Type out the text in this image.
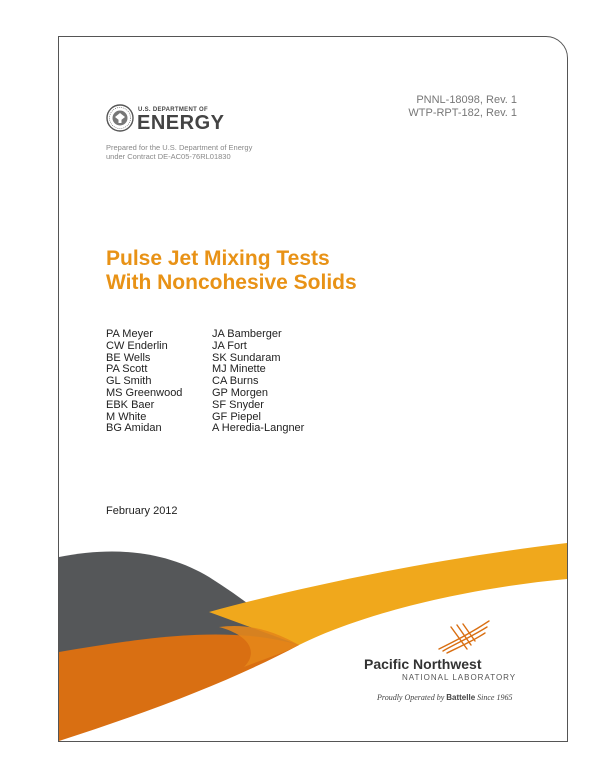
PNNL-18098, Rev. 1
WTP-RPT-182, Rev. 1
U.S. DEPARTMENT OF
ENERGY
Prepared for the U.S. Department of Energy
under Contract DE-AC05-76RL01830
Pulse Jet Mixing Tests
With Noncohesive Solids
PA Meyer
CW Enderlin
BE Wells
PA Scott
GL Smith
MS Greenwood
EBK Baer
M White
BG Amidan
JA Bamberger
JA Fort
SK Sundaram
MJ Minette
CA Burns
GP Morgen
SF Snyder
GF Piepel
A Heredia-Langner
February 2012
Pacific Northwest
NATIONAL LABORATORY
Proudly Operated by Battelle Since 1965
